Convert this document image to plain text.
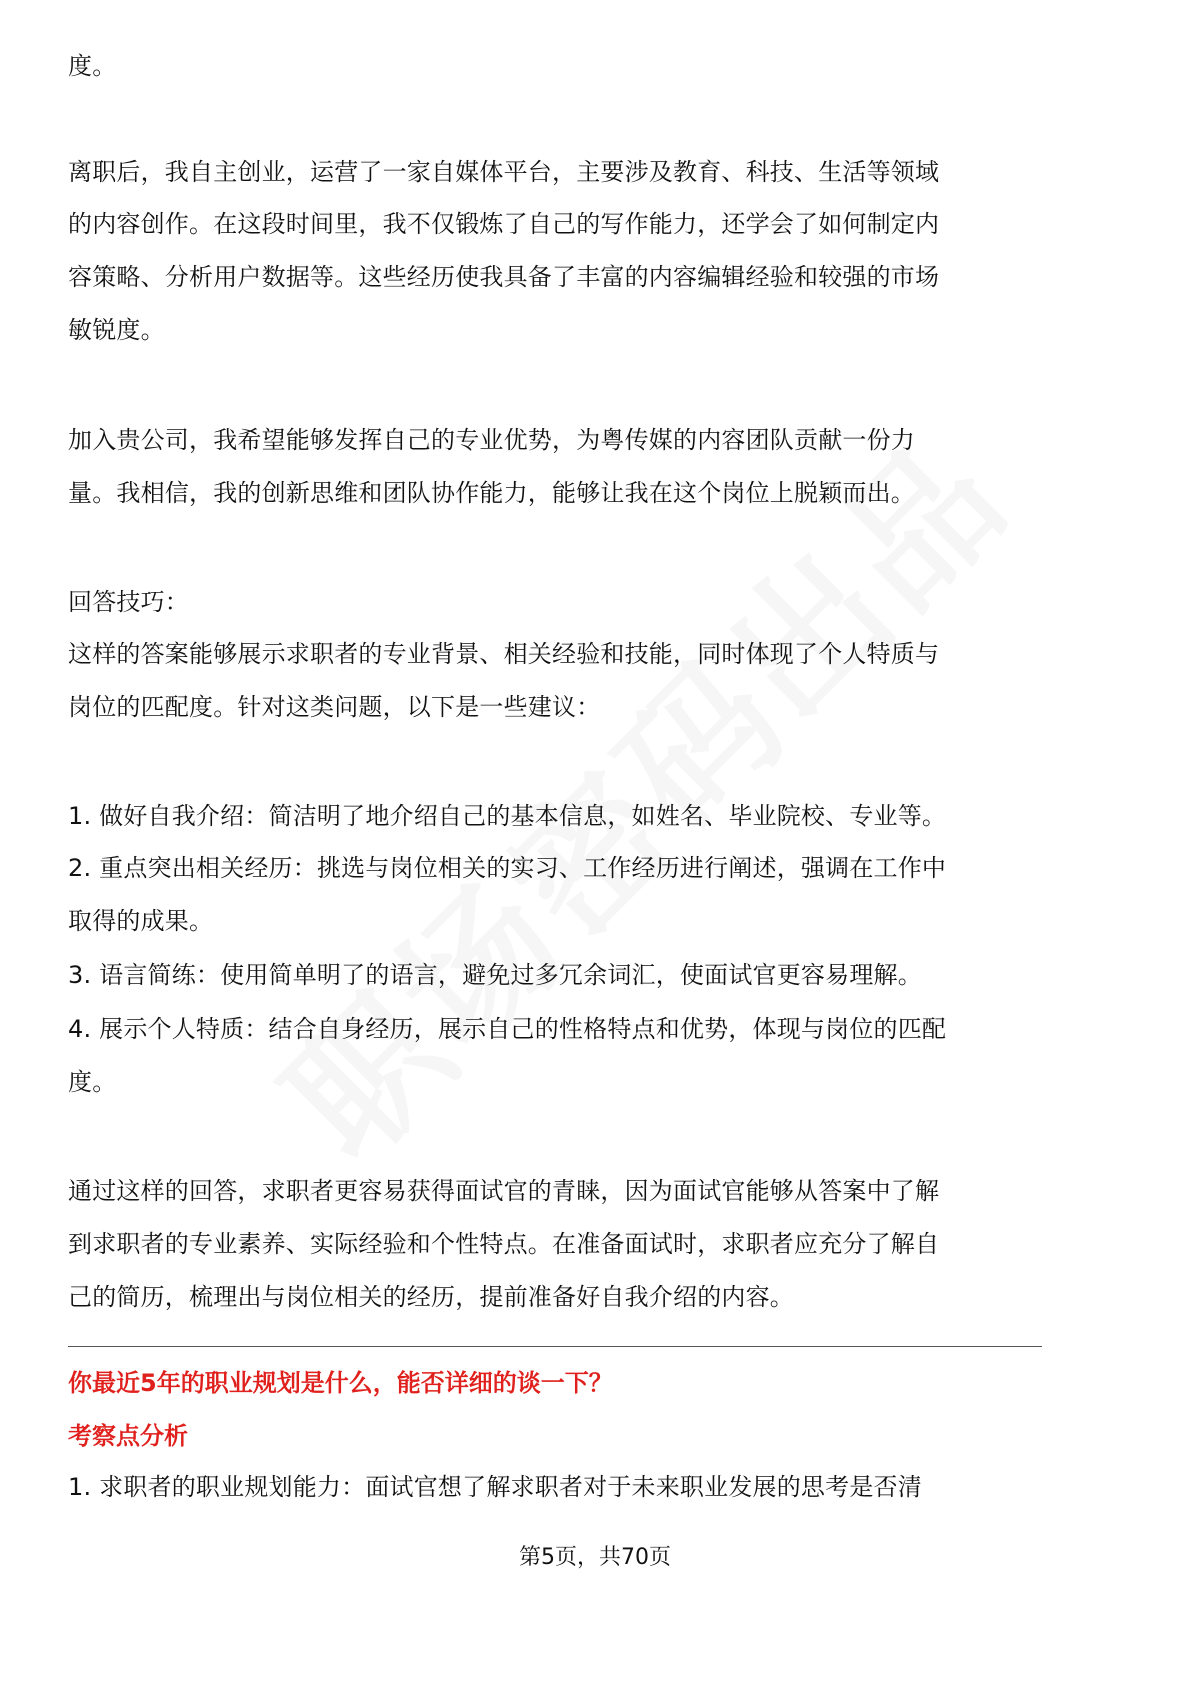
度。
离职后，我自主创业，运营了一家自媒体平台，主要涉及教育、科技、生活等领域
的内容创作。在这段时间里，我不仅锻炼了自己的写作能力，还学会了如何制定内
容策略、分析用户数据等。这些经历使我具备了丰富的内容编辑经验和较强的市场
敏锐度。
加入贵公司，我希望能够发挥自己的专业优势，为粤传媒的内容团队贡献一份力
量。我相信，我的创新思维和团队协作能力，能够让我在这个岗位上脱颖而出。
回答技巧：
这样的答案能够展示求职者的专业背景、相关经验和技能，同时体现了个人特质与
岗位的匹配度。针对这类问题，以下是一些建议：
1. 做好自我介绍：简洁明了地介绍自己的基本信息，如姓名、毕业院校、专业等。
2. 重点突出相关经历：挑选与岗位相关的实习、工作经历进行阐述，强调在工作中
取得的成果。
3. 语言简练：使用简单明了的语言，避免过多冗余词汇，使面试官更容易理解。
4. 展示个人特质：结合自身经历，展示自己的性格特点和优势，体现与岗位的匹配
度。
通过这样的回答，求职者更容易获得面试官的青睐，因为面试官能够从答案中了解
到求职者的专业素养、实际经验和个性特点。在准备面试时，求职者应充分了解自
己的简历，梳理出与岗位相关的经历，提前准备好自我介绍的内容。
你最近5年的职业规划是什么，能否详细的谈一下？
考察点分析
1. 求职者的职业规划能力：面试官想了解求职者对于未来职业发展的思考是否清
第5页，共70页
